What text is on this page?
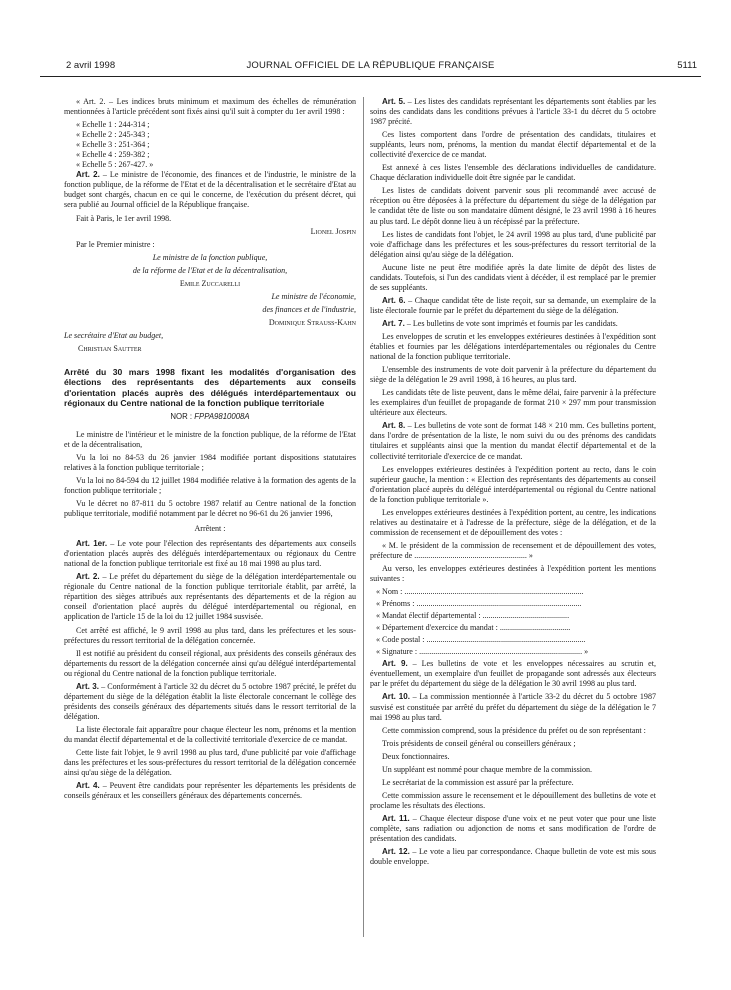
2 avril 1998	JOURNAL OFFICIEL DE LA RÉPUBLIQUE FRANÇAISE	5111

« Art. 2. – Les indices bruts minimum et maximum des échelles de rémunération mentionnées à l'article précédent sont fixés ainsi qu'il suit à compter du 1er avril 1998 :

« Echelle 1 : 244-314 ;

« Echelle 2 : 245-343 ;

« Echelle 3 : 251-364 ;

« Echelle 4 : 259-382 ;

« Echelle 5 : 267-427. »

Art. 2. – Le ministre de l'économie, des finances et de l'industrie, le ministre de la fonction publique, de la réforme de l'Etat et de la décentralisation et le secrétaire d'Etat au budget sont chargés, chacun en ce qui le concerne, de l'exécution du présent décret, qui sera publié au Journal officiel de la République française.

Fait à Paris, le 1er avril 1998.

Lionel Jospin

Par le Premier ministre :

Le ministre de la fonction publique,

de la réforme de l'Etat et de la décentralisation,

Emile Zuccarelli

Le ministre de l'économie,

des finances et de l'industrie,

Dominique Strauss-Kahn

Le secrétaire d'Etat au budget,

Christian Sautter

Arrêté du 30 mars 1998 fixant les modalités d'organisation des élections des représentants des départements aux conseils d'orientation placés auprès des délégués interdépartementaux ou régionaux du Centre national de la fonction publique territoriale

NOR : FPPA9810008A

Le ministre de l'intérieur et le ministre de la fonction publique, de la réforme de l'Etat et de la décentralisation,

Vu la loi no 84-53 du 26 janvier 1984 modifiée portant dispositions statutaires relatives à la fonction publique territoriale ;

Vu la loi no 84-594 du 12 juillet 1984 modifiée relative à la formation des agents de la fonction publique territoriale ;

Vu le décret no 87-811 du 5 octobre 1987 relatif au Centre national de la fonction publique territoriale, modifié notamment par le décret no 96-61 du 26 janvier 1996,

Arrêtent :

Art. 1er. – Le vote pour l'élection des représentants des départements aux conseils d'orientation placés auprès des délégués interdépartementaux ou régionaux du Centre national de la fonction publique territoriale est fixé au 18 mai 1998 au plus tard.

Art. 2. – Le préfet du département du siège de la délégation interdépartementale ou régionale du Centre national de la fonction publique territoriale établit, par arrêté, la répartition des sièges attribués aux représentants des départements et de la région au conseil d'orientation placé auprès du délégué interdépartemental ou régional, en application de l'article 15 de la loi du 12 juillet 1984 susvisée.

Cet arrêté est affiché, le 9 avril 1998 au plus tard, dans les préfectures et les sous-préfectures du ressort territorial de la délégation concernée.

Il est notifié au président du conseil régional, aux présidents des conseils généraux des départements du ressort de la délégation concernée ainsi qu'au délégué interdépartemental ou régional du Centre national de la fonction publique territoriale.

Art. 3. – Conformément à l'article 32 du décret du 5 octobre 1987 précité, le préfet du département du siège de la délégation établit la liste électorale concernant le collège des présidents des conseils généraux des départements situés dans le ressort territorial de la délégation.

La liste électorale fait apparaître pour chaque électeur les nom, prénoms et la mention du mandat électif départemental et de la collectivité territoriale d'exercice de ce mandat.

Cette liste fait l'objet, le 9 avril 1998 au plus tard, d'une publicité par voie d'affichage dans les préfectures et les sous-préfectures du ressort territorial de la délégation concernée ainsi qu'au siège de la délégation.

Art. 4. – Peuvent être candidats pour représenter les départements les présidents de conseils généraux et les conseillers généraux des départements concernés.

Art. 5. – Les listes des candidats représentant les départements sont établies par les soins des candidats dans les conditions prévues à l'article 33-1 du décret du 5 octobre 1987 précité.

Ces listes comportent dans l'ordre de présentation des candidats, titulaires et suppléants, leurs nom, prénoms, la mention du mandat électif départemental et de la collectivité d'exercice de ce mandat.

Est annexé à ces listes l'ensemble des déclarations individuelles de candidature. Chaque déclaration individuelle doit être signée par le candidat.

Les listes de candidats doivent parvenir sous pli recommandé avec accusé de réception ou être déposées à la préfecture du département du siège de la délégation par le candidat tête de liste ou son mandataire dûment désigné, le 23 avril 1998 à 16 heures au plus tard. Le dépôt donne lieu à un récépissé par la préfecture.

Les listes de candidats font l'objet, le 24 avril 1998 au plus tard, d'une publicité par voie d'affichage dans les préfectures et les sous-préfectures du ressort territorial de la délégation ainsi qu'au siège de la délégation.

Aucune liste ne peut être modifiée après la date limite de dépôt des listes de candidats. Toutefois, si l'un des candidats vient à décéder, il est remplacé par le premier de ses suppléants.

Art. 6. – Chaque candidat tête de liste reçoit, sur sa demande, un exemplaire de la liste électorale fournie par le préfet du département du siège de la délégation.

Art. 7. – Les bulletins de vote sont imprimés et fournis par les candidats.

Les enveloppes de scrutin et les enveloppes extérieures destinées à l'expédition sont établies et fournies par les délégations interdépartementales ou régionales du Centre national de la fonction publique territoriale.

L'ensemble des instruments de vote doit parvenir à la préfecture du département du siège de la délégation le 29 avril 1998, à 16 heures, au plus tard.

Les candidats tête de liste peuvent, dans le même délai, faire parvenir à la préfecture les exemplaires d'un feuillet de propagande de format 210 × 297 mm pour transmission ultérieure aux électeurs.

Art. 8. – Les bulletins de vote sont de format 148 × 210 mm. Ces bulletins portent, dans l'ordre de présentation de la liste, le nom suivi du ou des prénoms des candidats titulaires et suppléants ainsi que la mention du mandat électif départemental et de la collectivité territoriale d'exercice de ce mandat.

Les enveloppes extérieures destinées à l'expédition portent au recto, dans le coin supérieur gauche, la mention : « Election des représentants des départements au conseil d'orientation placé auprès du délégué interdépartemental ou régional du Centre national de la fonction publique territoriale ».

Les enveloppes extérieures destinées à l'expédition portent, au centre, les indications relatives au destinataire et à l'adresse de la préfecture, siège de la délégation, et de la commission de recensement et de dépouillement des votes :

« M. le président de la commission de recensement et de dépouillement des votes, préfecture de ........................................................ »

Au verso, les enveloppes extérieures destinées à l'expédition portent les mentions suivantes :

« Nom : .........................................................................................

« Prénoms : ..................................................................................

« Mandat électif départemental : ...........................................

« Département d'exercice du mandat : ...................................

« Code postal : ...............................................................................

« Signature : ................................................................................. »

Art. 9. – Les bulletins de vote et les enveloppes nécessaires au scrutin et, éventuellement, un exemplaire d'un feuillet de propagande sont adressés aux électeurs par le préfet du département du siège de la délégation le 30 avril 1998 au plus tard.

Art. 10. – La commission mentionnée à l'article 33-2 du décret du 5 octobre 1987 susvisé est constituée par arrêté du préfet du département du siège de la délégation le 7 mai 1998 au plus tard.

Cette commission comprend, sous la présidence du préfet ou de son représentant :

Trois présidents de conseil général ou conseillers généraux ;

Deux fonctionnaires.

Un suppléant est nommé pour chaque membre de la commission.

Le secrétariat de la commission est assuré par la préfecture.

Cette commission assure le recensement et le dépouillement des bulletins de vote et proclame les résultats des élections.

Art. 11. – Chaque électeur dispose d'une voix et ne peut voter que pour une liste complète, sans radiation ou adjonction de noms et sans modification de l'ordre de présentation des candidats.

Art. 12. – Le vote a lieu par correspondance. Chaque bulletin de vote est mis sous double enveloppe.
